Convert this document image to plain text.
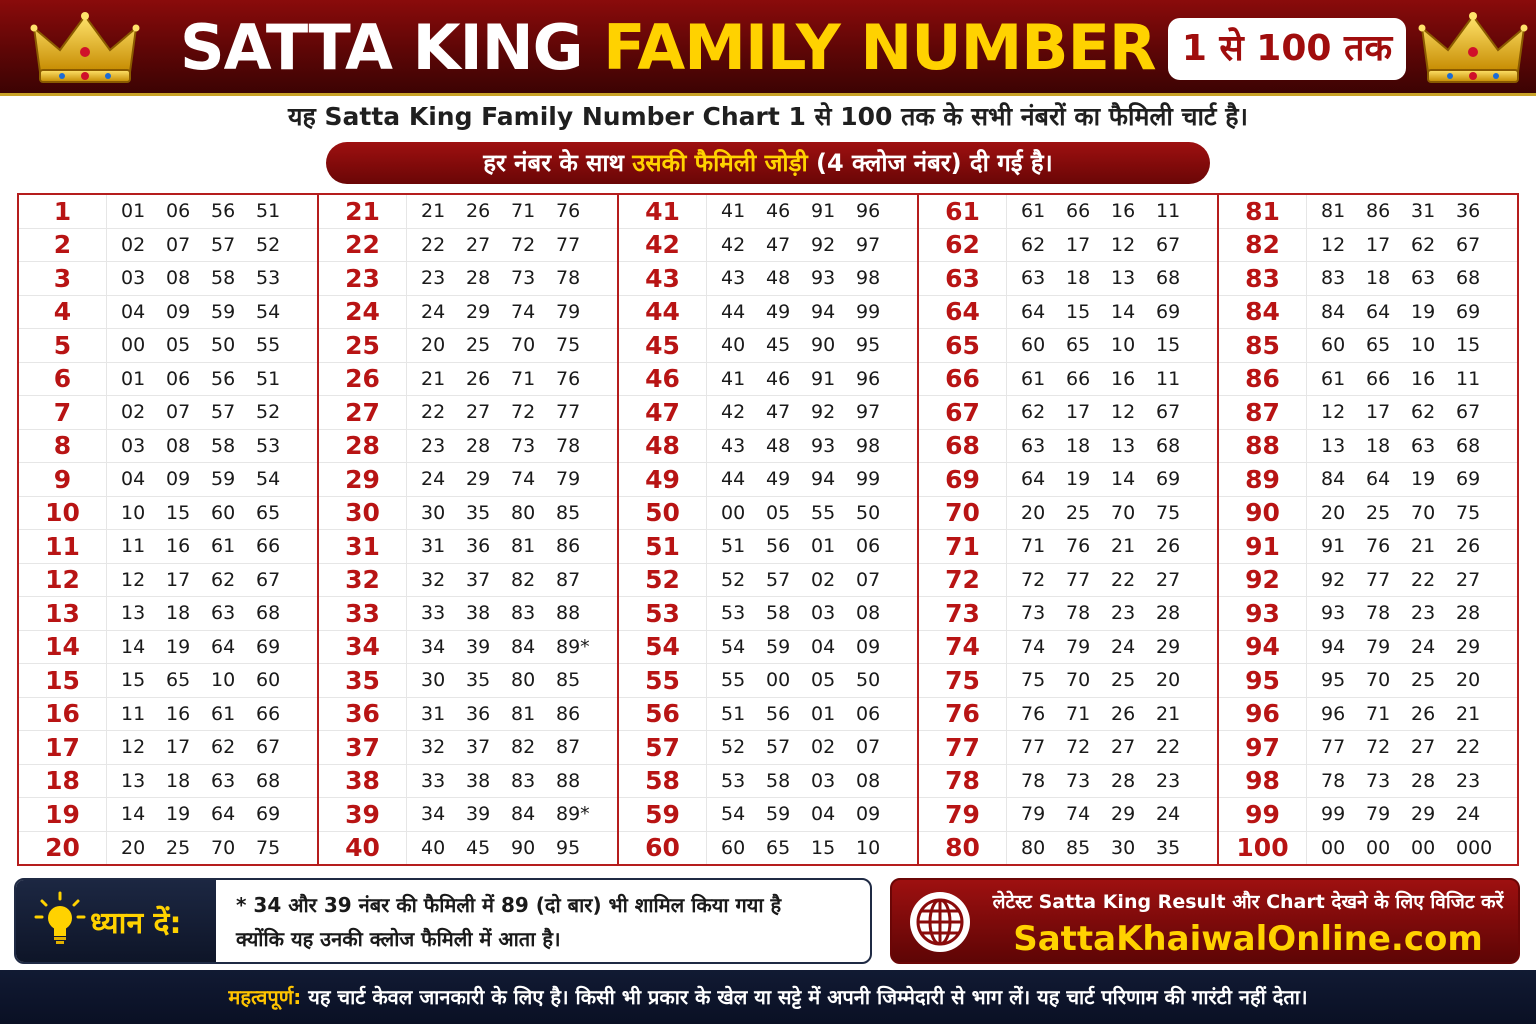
SATTA KING FAMILY NUMBER 1 से 100 तक
यह Satta King Family Number Chart 1 से 100 तक के सभी नंबरों का फैमिली चार्ट है।
हर नंबर के साथ उसकी फैमिली जोड़ी (4 क्लोज नंबर) दी गई है।
1	01	06	56	51
2	02	07	57	52
3	03	08	58	53
4	04	09	59	54
5	00	05	50	55
6	01	06	56	51
7	02	07	57	52
8	03	08	58	53
9	04	09	59	54
10	10	15	60	65
11	11	16	61	66
12	12	17	62	67
13	13	18	63	68
14	14	19	64	69
15	15	65	10	60
16	11	16	61	66
17	12	17	62	67
18	13	18	63	68
19	14	19	64	69
20	20	25	70	75
21	21	26	71	76
22	22	27	72	77
23	23	28	73	78
24	24	29	74	79
25	20	25	70	75
26	21	26	71	76
27	22	27	72	77
28	23	28	73	78
29	24	29	74	79
30	30	35	80	85
31	31	36	81	86
32	32	37	82	87
33	33	38	83	88
34	34	39	84	89*
35	30	35	80	85
36	31	36	81	86
37	32	37	82	87
38	33	38	83	88
39	34	39	84	89*
40	40	45	90	95
41	41	46	91	96
42	42	47	92	97
43	43	48	93	98
44	44	49	94	99
45	40	45	90	95
46	41	46	91	96
47	42	47	92	97
48	43	48	93	98
49	44	49	94	99
50	00	05	55	50
51	51	56	01	06
52	52	57	02	07
53	53	58	03	08
54	54	59	04	09
55	55	00	05	50
56	51	56	01	06
57	52	57	02	07
58	53	58	03	08
59	54	59	04	09
60	60	65	15	10
61	61	66	16	11
62	62	17	12	67
63	63	18	13	68
64	64	15	14	69
65	60	65	10	15
66	61	66	16	11
67	62	17	12	67
68	63	18	13	68
69	64	19	14	69
70	20	25	70	75
71	71	76	21	26
72	72	77	22	27
73	73	78	23	28
74	74	79	24	29
75	75	70	25	20
76	76	71	26	21
77	77	72	27	22
78	78	73	28	23
79	79	74	29	24
80	80	85	30	35
81	81	86	31	36
82	12	17	62	67
83	83	18	63	68
84	84	64	19	69
85	60	65	10	15
86	61	66	16	11
87	12	17	62	67
88	13	18	63	68
89	84	64	19	69
90	20	25	70	75
91	91	76	21	26
92	92	77	22	27
93	93	78	23	28
94	94	79	24	29
95	95	70	25	20
96	96	71	26	21
97	77	72	27	22
98	78	73	28	23
99	99	79	29	24
100	00	00	00	000
ध्यान दें:
* 34 और 39 नंबर की फैमिली में 89 (दो बार) भी शामिल किया गया है
क्योंकि यह उनकी क्लोज फैमिली में आता है।
लेटेस्ट Satta King Result और Chart देखने के लिए विजिट करें
SattaKhaiwalOnline.com
महत्वपूर्ण: यह चार्ट केवल जानकारी के लिए है। किसी भी प्रकार के खेल या सट्टे में अपनी जिम्मेदारी से भाग लें। यह चार्ट परिणाम की गारंटी नहीं देता।
